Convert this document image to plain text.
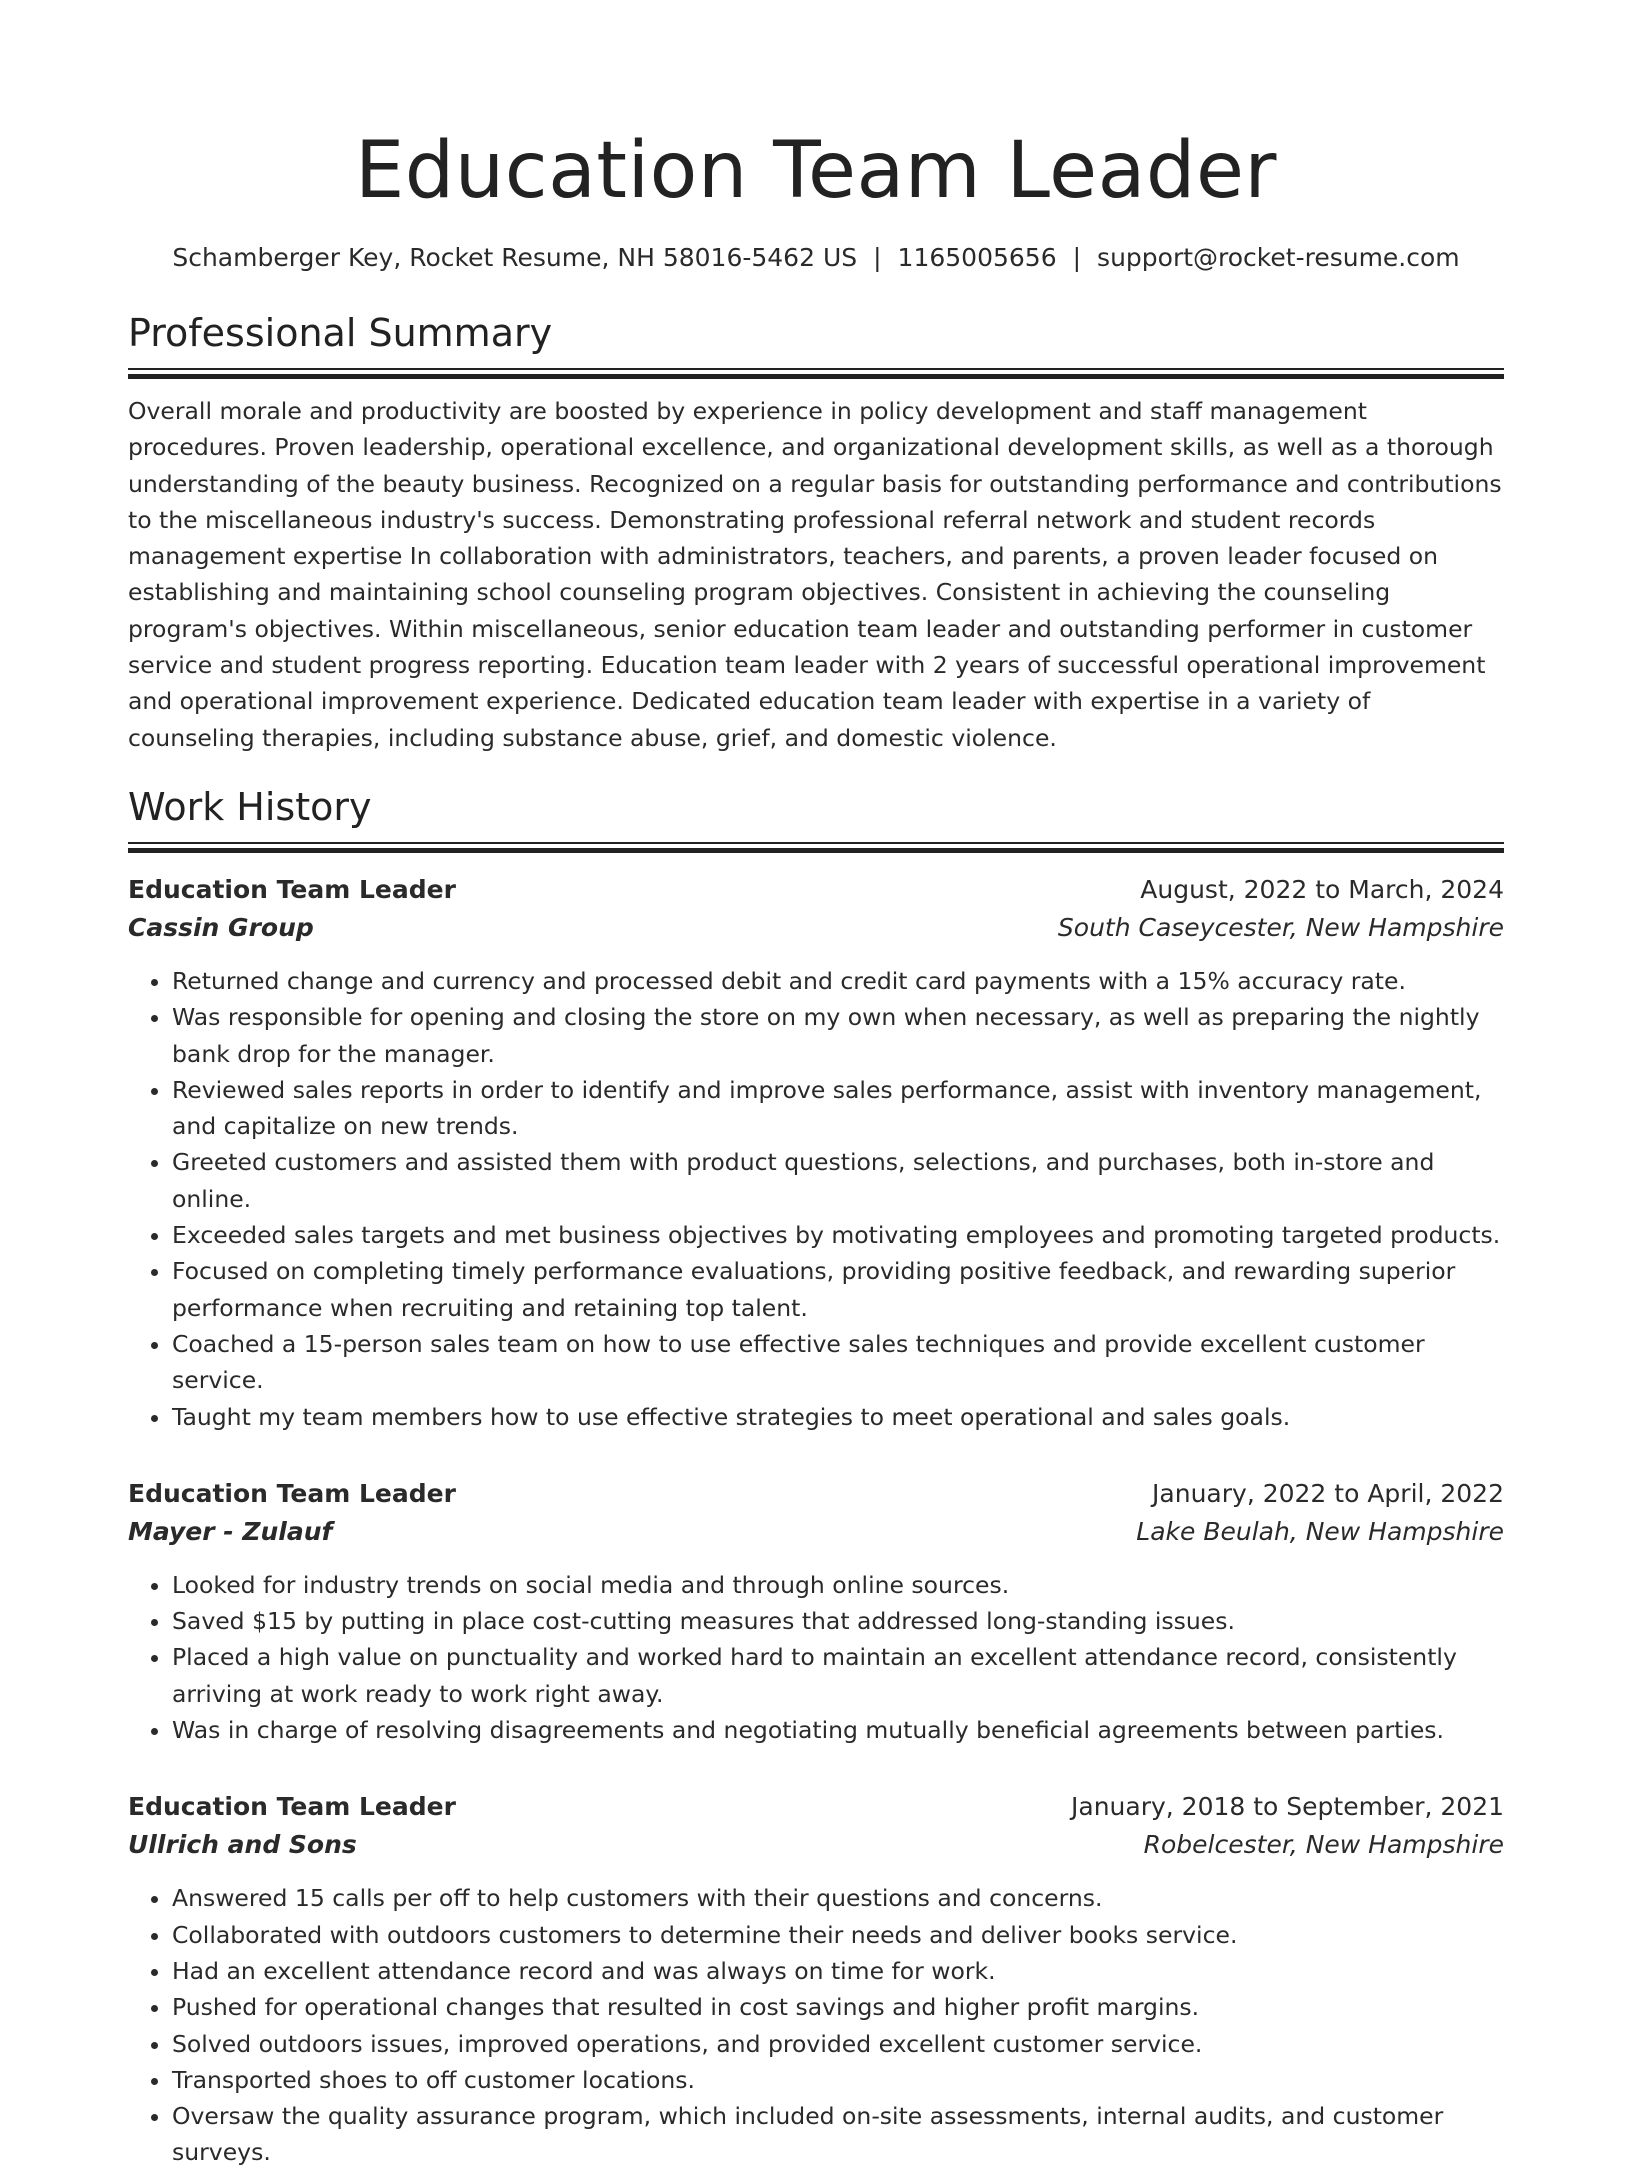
Education Team Leader
Schamberger Key, Rocket Resume, NH 58016-5462 US | 1165005656 | support@rocket-resume.com
Professional Summary

Overall morale and productivity are boosted by experience in policy development and staff management procedures. Proven leadership, operational excellence, and organizational development skills, as well as a thorough understanding of the beauty business. Recognized on a regular basis for outstanding performance and contributions to the miscellaneous industry's success. Demonstrating professional referral network and student records management expertise In collaboration with administrators, teachers, and parents, a proven leader focused on establishing and maintaining school counseling program objectives. Consistent in achieving the counseling program's objectives. Within miscellaneous, senior education team leader and outstanding performer in customer service and student progress reporting. Education team leader with 2 years of successful operational improvement and operational improvement experience. Dedicated education team leader with expertise in a variety of counseling therapies, including substance abuse, grief, and domestic violence.

Work History
Education Team Leader	August, 2022 to March, 2024
Cassin Group	South Caseycester, New Hampshire
• Returned change and currency and processed debit and credit card payments with a 15% accuracy rate.
• Was responsible for opening and closing the store on my own when necessary, as well as preparing the nightly bank drop for the manager.
• Reviewed sales reports in order to identify and improve sales performance, assist with inventory management, and capitalize on new trends.
• Greeted customers and assisted them with product questions, selections, and purchases, both in-store and online.
• Exceeded sales targets and met business objectives by motivating employees and promoting targeted products.
• Focused on completing timely performance evaluations, providing positive feedback, and rewarding superior performance when recruiting and retaining top talent.
• Coached a 15-person sales team on how to use effective sales techniques and provide excellent customer service.
• Taught my team members how to use effective strategies to meet operational and sales goals.
Education Team Leader	January, 2022 to April, 2022
Mayer - Zulauf	Lake Beulah, New Hampshire
• Looked for industry trends on social media and through online sources.
• Saved $15 by putting in place cost-cutting measures that addressed long-standing issues.
• Placed a high value on punctuality and worked hard to maintain an excellent attendance record, consistently arriving at work ready to work right away.
• Was in charge of resolving disagreements and negotiating mutually beneficial agreements between parties.
Education Team Leader	January, 2018 to September, 2021
Ullrich and Sons	Robelcester, New Hampshire
• Answered 15 calls per off to help customers with their questions and concerns.
• Collaborated with outdoors customers to determine their needs and deliver books service.
• Had an excellent attendance record and was always on time for work.
• Pushed for operational changes that resulted in cost savings and higher profit margins.
• Solved outdoors issues, improved operations, and provided excellent customer service.
• Transported shoes to off customer locations.
• Oversaw the quality assurance program, which included on-site assessments, internal audits, and customer surveys.
